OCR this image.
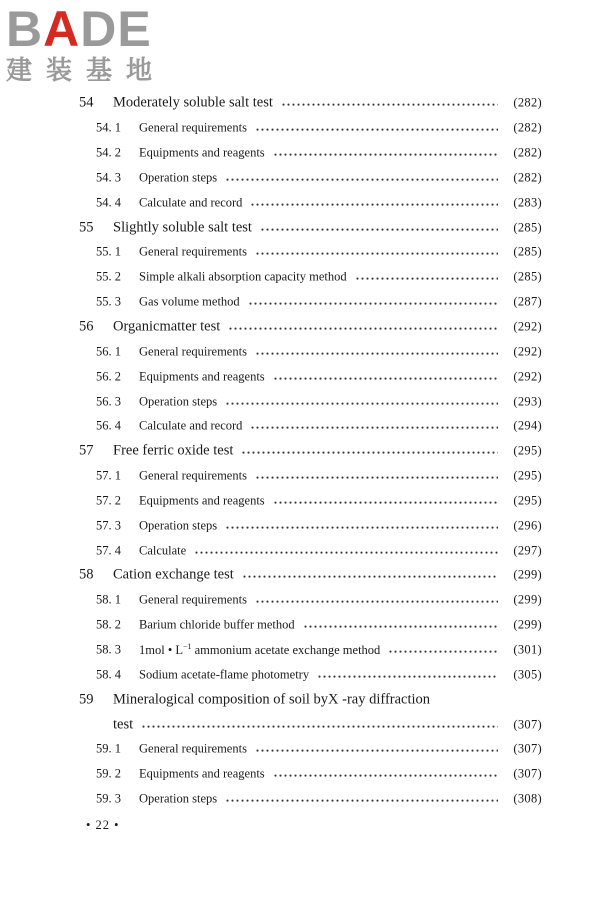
BADE
建装基地
54 Moderately soluble salt test	(282)
54. 1 General requirements	(282)
54. 2 Equipments and reagents	(282)
54. 3 Operation steps	(282)
54. 4 Calculate and record	(283)
55 Slightly soluble salt test	(285)
55. 1 General requirements	(285)
55. 2 Simple alkali absorption capacity method	(285)
55. 3 Gas volume method	(287)
56 Organicmatter test	(292)
56. 1 General requirements	(292)
56. 2 Equipments and reagents	(292)
56. 3 Operation steps	(293)
56. 4 Calculate and record	(294)
57 Free ferric oxide test	(295)
57. 1 General requirements	(295)
57. 2 Equipments and reagents	(295)
57. 3 Operation steps	(296)
57. 4 Calculate	(297)
58 Cation exchange test	(299)
58. 1 General requirements	(299)
58. 2 Barium chloride buffer method	(299)
58. 3 1mol • $L^{-1}$ ammonium acetate exchange method	(301)
58. 4 Sodium acetate-flame photometry	(305)
59 Mineralogical composition of soil byX -ray diffraction
test	(307)
59. 1 General requirements	(307)
59. 2 Equipments and reagents	(307)
59. 3 Operation steps	(308)
• 22 •
